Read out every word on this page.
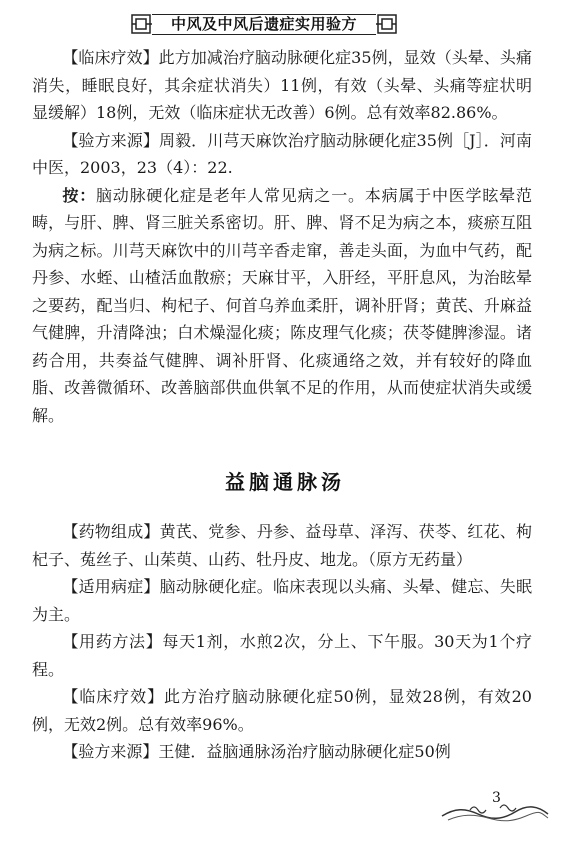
中风及中风后遗症实用验方

【临床疗效】此方加减治疗脑动脉硬化症35例，显效（头晕、头痛消失，睡眠良好，其余症状消失）11例，有效（头晕、头痛等症状明显缓解）18例，无效（临床症状无改善）6例。总有效率82.86%。

【验方来源】周毅．川芎天麻饮治疗脑动脉硬化症35例［J］．河南中医，2003，23（4）：22.

按：脑动脉硬化症是老年人常见病之一。本病属于中医学眩晕范畴，与肝、脾、肾三脏关系密切。肝、脾、肾不足为病之本，痰瘀互阻为病之标。川芎天麻饮中的川芎辛香走窜，善走头面，为血中气药，配丹参、水蛭、山楂活血散瘀；天麻甘平，入肝经，平肝息风，为治眩晕之要药，配当归、枸杞子、何首乌养血柔肝，调补肝肾；黄芪、升麻益气健脾，升清降浊；白术燥湿化痰；陈皮理气化痰；茯苓健脾渗湿。诸药合用，共奏益气健脾、调补肝肾、化痰通络之效，并有较好的降血脂、改善微循环、改善脑部供血供氧不足的作用，从而使症状消失或缓解。

益脑通脉汤

【药物组成】黄芪、党参、丹参、益母草、泽泻、茯苓、红花、枸杞子、菟丝子、山茱萸、山药、牡丹皮、地龙。（原方无药量）

【适用病症】脑动脉硬化症。临床表现以头痛、头晕、健忘、失眠为主。

【用药方法】每天1剂，水煎2次，分上、下午服。30天为1个疗程。

【临床疗效】此方治疗脑动脉硬化症50例，显效28例，有效20例，无效2例。总有效率96%。

【验方来源】王健．益脑通脉汤治疗脑动脉硬化症50例

3
